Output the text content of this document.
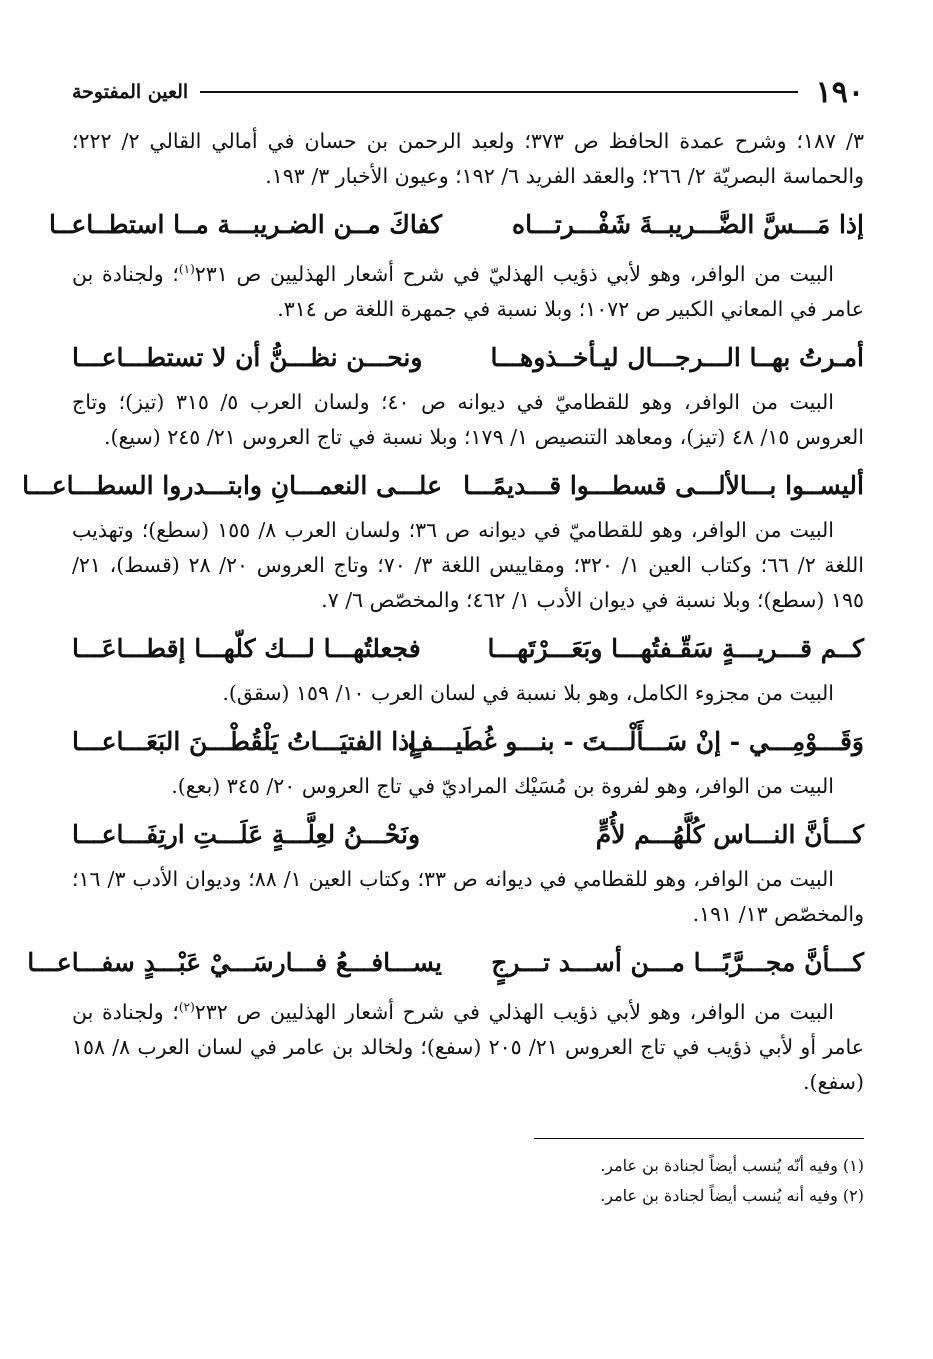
١٩٠
العين المفتوحة

٣/ ١٨٧؛ وشرح عمدة الحافظ ص ٣٧٣؛ ولعبد الرحمن بن حسان في أمالي القالي ٢/ ٢٢٢؛ والحماسة البصريّة ٢/ ٢٦٦؛ والعقد الفريد ٦/ ١٩٢؛ وعيون الأخبار ٣/ ١٩٣.

إذا مَـــسَّ الضَّـــريبــةَ شَفْـــرتـــاه
كفاكَ مــن الضـريبـــة مــا استطــاعــا

البيت من الوافر، وهو لأبي ذؤيب الهذليّ في شرح أشعار الهذليين ص ٢٣١$^{(١)}$؛ ولجنادة بن عامر في المعاني الكبير ص ١٠٧٢؛ وبلا نسبة في جمهرة اللغة ص ٣١٤.

أمـرتُ بهــا الـــرجـــال ليـأخــذوهـــا
ونحـــن نظـــنُّ أن لا تستطـــاعـــا

البيت من الوافر، وهو للقطاميّ في ديوانه ص ٤٠؛ ولسان العرب ٥/ ٣١٥ (تيز)؛ وتاج العروس ١٥/ ٤٨ (تيز)، ومعاهد التنصيص ١/ ١٧٩؛ وبلا نسبة في تاج العروس ٢١/ ٢٤٥ (سيع).

أليســوا بـــالألـــى قسطـــوا قـــديمًـــا
علـــى النعمـــانِ وابتـــدروا السطـــاعـــا

البيت من الوافر، وهو للقطاميّ في ديوانه ص ٣٦؛ ولسان العرب ٨/ ١٥٥ (سطع)؛ وتهذيب اللغة ٢/ ٦٦؛ وكتاب العين ١/ ٣٢٠؛ ومقاييس اللغة ٣/ ٧٠؛ وتاج العروس ٢٠/ ٢٨ (قسط)، ٢١/ ١٩٥ (سطع)؛ وبلا نسبة في ديوان الأدب ١/ ٤٦٢؛ والمخصّص ٦/ ٧.

كــم قـــريـــةٍ سَقّـفتُهـــا وبَعَـــرْتَهـــا
فجعلتُهـــا لـــك كلّهـــا إقطـــاعَـــا

البيت من مجزوء الكامل، وهو بلا نسبة في لسان العرب ١٠/ ١٥٩ (سقق).

وَقَـــوْمِـــي - إنْ سَـــأَلْـــتَ - بنـــو غُطَيـــفٍ
إذا الفتيَـــاتُ يَلْقُطْـــنَ البَعَـــاعـــا

البيت من الوافر، وهو لفروة بن مُسَيْك المراديّ في تاج العروس ٢٠/ ٣٤٥ (بعع).

كـــأنَّ النـــاس كُلَّهُـــم لأُمٍّ
ونَحْـــنُ لعِلَّـــةٍ عَلَـــتِ ارتِفَـــاعـــا

البيت من الوافر، وهو للقطامي في ديوانه ص ٣٣؛ وكتاب العين ١/ ٨٨؛ وديوان الأدب ٣/ ١٦؛ والمخصّص ١٣/ ١٩١.

كـــأنَّ مجـــرَّبًـــا مـــن أســـد تـــرجٍ
يســـافـــعُ فـــارسَـــيْ عَبْـــدٍ سفـــاعـــا

البيت من الوافر، وهو لأبي ذؤيب الهذلي في شرح أشعار الهذليين ص ٢٣٢$^{(٢)}$؛ ولجنادة بن عامر أو لأبي ذؤيب في تاج العروس ٢١/ ٢٠٥ (سفع)؛ ولخالد بن عامر في لسان العرب ٨/ ١٥٨ (سفع).

(١) وفيه أنّه يُنسب أيضاً لجنادة بن عامر.
(٢) وفيه أنه يُنسب أيضاً لجنادة بن عامر.
